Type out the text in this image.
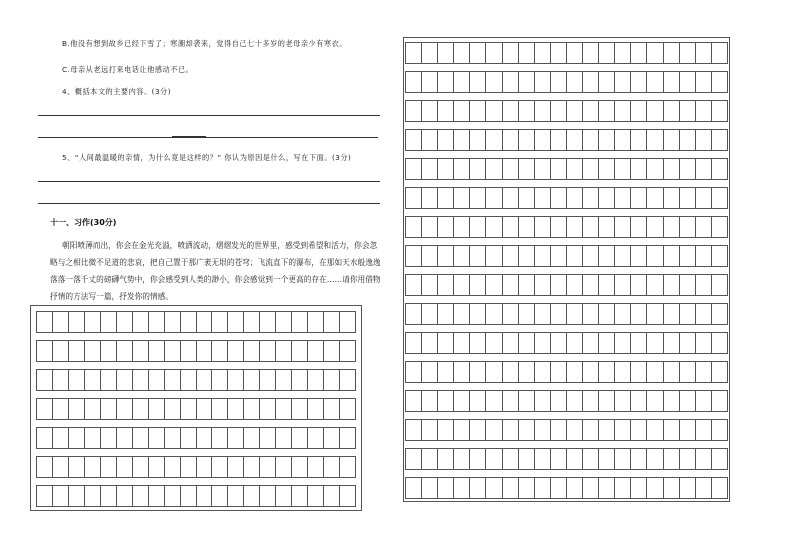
B.他没有想到故乡已经下雪了；寒潮却袭来，觉得自己七十多岁的老母亲少有寒衣。
C.母亲从老远打来电话让他感动不已。
4、概括本文的主要内容。(3分)
5、“人间最温暖的亲情，为什么竟是这样的？” 你认为原因是什么，写在下面。(3分)
十一、习作(30分)
朝阳喷薄而出，你会在金光充溢，喷洒流动，熠熠发光的世界里，感受到希望和活力，你会忽
略与之相比微不足道的悲哀，把自己置于那广袤无垠的苍穹；飞流直下的瀑布，在那如天水般逸逸
落落一落千丈的磅礴气势中，你会感受到人类的渺小，你会感觉到一个更高的存在……请你用借物
抒情的方法写一篇，抒发你的情感。
